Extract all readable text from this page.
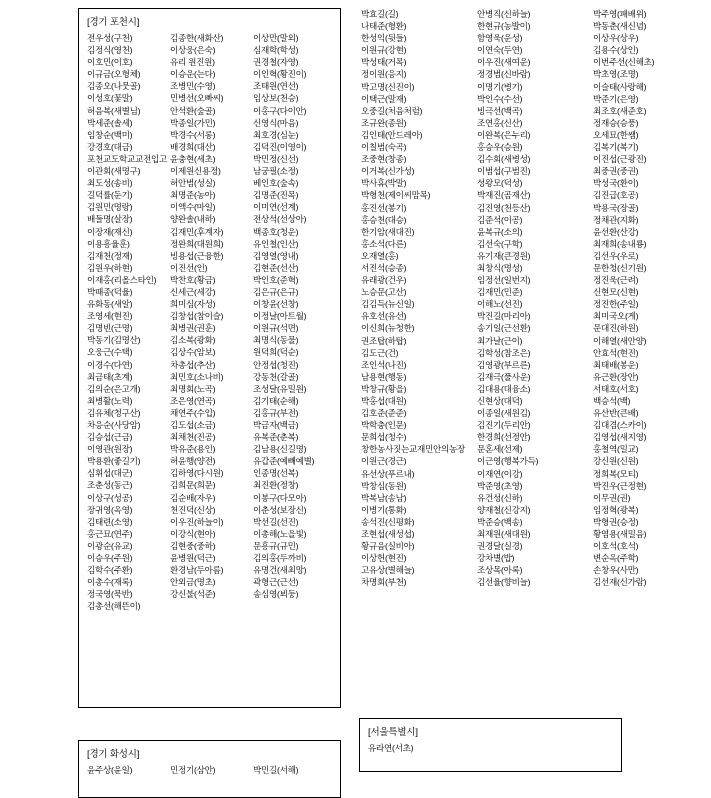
[경기 포천시]
전우성(구천)	김종한(새화산)	이상만(말외)
김정식(영천)	이상웅(은숙)	심재학(학성)
이호민(이호)	유리 원진원)	권경철(자영)
이규금(오형체)	이승운(는다)	이인혁(황진이)
김종오(나뭇골)	조병민(수영)	조태원(연선)
이성호(꽃말)	민병선(오빠씨)	임상보(천승)
허음복(새별님)	안석환(숲골)	이홍구(다이안)
박세준(솔세)	박종일(가민)	신영식(마음)
임창순(백미)	박경수(서롱)	최호경(심눈)
강경호(대금)	배경희(대산)	김덕진(이영이)
포천교도학교교전입고 윤충현(세초)	박민정(신선)
이관회(새명구)	이제원신용정)	남궁필(소정)
최도성(송비)	허안범(성실)	베인호(숲속)
길덕률(둔기)	최명준(농아)	김명준(진목)
김원민(명랑)	이액수(마일)	이미연(선계)
배들명(살장)	양완솔(내하)	전상석(선상아)
이장재(재신)	김재민(후계자)	백종호(청운)
이용흥율훈)	정완희(대원희)	유인철(인산)
김재천(정재)	빙용섭(근융한)	김영열(영내)
김원우(하현)	이진선(인)	김현준(선산)
이재홍(리올스타인)	박찬호(황금)	박인호(준혁)
박때종(덕율)	신세근(세강)	김은규(은규)
유화동(새알)	희미심(자성)	이창윤(선창)
조영세(현진)	김창섭(참이슬)	이정날(아트월)
김명빈(근명)	최병권(권훈)	이원규(석면)
박동기(김명산)	김소복(광화)	최명식(동물)
오웅근(수택)	김상수(암보)	원덕희(덕순)
이경수(다연)	차총섭(추산)	안정섭(청진)
최금태(초계)	최민호(소나비)	강동천(갈골)
김의순(은고개)	최명회(노곡)	조성달(유밀원)
최병활(노력)	조은영(연곡)	김기태(순해)
김유체(청구산)	채연주(수입)	김홍규(부전)
차응순(사당암)	김도섭(소금)	박금자(백금)
김승섭(근금)	최채천(진공)	유복준(춘복)
이영관(원장)	박유준(용인)	김남용(신길명)
박용환(좋길기)	허윤행(양전)	유갑준(예빼예별)
심휘섭(대군)	김하영(다시원)	인종명(선복)
조춘성(동근)	김희문(희문)	최진환(정창)
이상구(성공)	김순배(자우)	이봉구(다모아)
장귀영(옥영)	천진덕(신상)	이춘성(보장신)
김태련(소영)	이우진(하늘이)	박선길(선진)
홍근묘(연주)	이강식(현아)	이총해(노을빛)
이광순(유교)	김현중(중하)	문흥규(규민)
이승우(주원)	윤병원(덕근)	김의홍(두까비)
김학수(주환)	환경남(두아름)	유명건(새최망)
이총수(재록)	안외금(명초)	곽형근(근선)
정국영(묵반)	강신불(석준)	송심영(뵈둥)
김총선(해뜬이)
박효길(길)	안병직(신하늘)	박주영(패배위)
나태준(형환)	한현규(농발이)	박동춘(새신념)
한성익(뒷들)	함영욱(운성)	이상우(상우)
이원규(강현)	이연숙(두연)	김용수(상인)
박성태(거목)	이우진(새여운)	이번주선(신해초)
정이원(응지)	정경범(신바람)	박초영(조명)
박고명(신진이)	이명기(병기)	이슬태(사랑해)
이택근(말재)	박인수(수선)	박준기(은영)
오중길(처음처럼)	빙극선(백곡)	최조호(새준호)
조규완(종원)	조연홍(신산)	정재승(승풍)
김인태(안드레아)	이완복(은누리)	오세묘(한쌤)
이칠범(숙곡)	홍승우(승원)	김복기(복기)
조중현(창종)	김수회(새병성)	이진섭(근광진)
이거복(신가성)	이범섭(구범진)	최중권(중권)
박사휴(박말)	성왕모(덕성)	박성국(환이)
박형천(제이씨맘목)	박재진(곰재산)	김진급(호공)
홍진선(봉기)	김진영(천등산)	박용국(장골)
홍승천(대승)	김준석(이공)	정채관(지화)
한기암(새대진)	윤복규(소의)	윤선환(산강)
홍소석(다른)	김선숙(구학)	최재희(송내룡)
오재열(홍)	유기재(큰경원)	김선우(우로)
서진석(승종)	최창식(명성)	문한청(신기원)
유래광(건우)	임정선(일번지)	정진욱(근려)
노승문(고산)	김재민(민준)	신현모(신현)
김김득(뉴신일)	이해노(선진)	정진한(주일)
유호선(유선)	박진길(마리아)	최미국오(게)
이신희(뉴청한)	송기일(근선환)	문대진(하원)
권조탑(하탑)	최가날(근이)	이해열(새안양)
김도근(건)	김학성(참조은)	안효석(현진)
조인석(나진)	김영광(부르른)	최태배(봉운)
남용현(행동)	김재극(풀사운)	유근환(장안)
박창규(황을)	김대용(대융소)	서태호(서호)
박홍섭(대원)	신현상(대덕)	백승석(백)
김호준(준준)	이종일(새원김)	유산반(큰배)
박학충(인문)	김진기(두리안)	김대겸(스카이)
문희섭(청수)	한경희(선정안)	김영섭(새지영)
창한농사짓는교재민안의농장	문혼세(선제)	홍철역(밀교)
이원근(경근)	이근영(행복가득)	강신원(신원)
유선상(푸르내)	이재연(이강)	정희복(모티)
박창심(동원)	박준영(초영)	박진우(근정현)
박복남(송남)	유건성(신하)	이무권(권)
이병기(통화)	양재철(신강지)	임정혁(광복)
송석진(신평화)	박준승(백송)	박형권(승정)
조현섭(새성섭)	최재원(새대원)	황염용(새밀음)
황규음(실비아)	권경달(실경)	이호석(호석)
이상헌(현진)	강차별(밥)	변순옥(주학)
고유상(별해늘)	조상목(아록)	손창우(사만)
차명회(부천)	김선율(향비늘)	김선재(신가람)
[경기 화성시]
윤주상(윤일)	민정기(삼안)	박민길(서해)
[서울특별시]
유라연(서초)
